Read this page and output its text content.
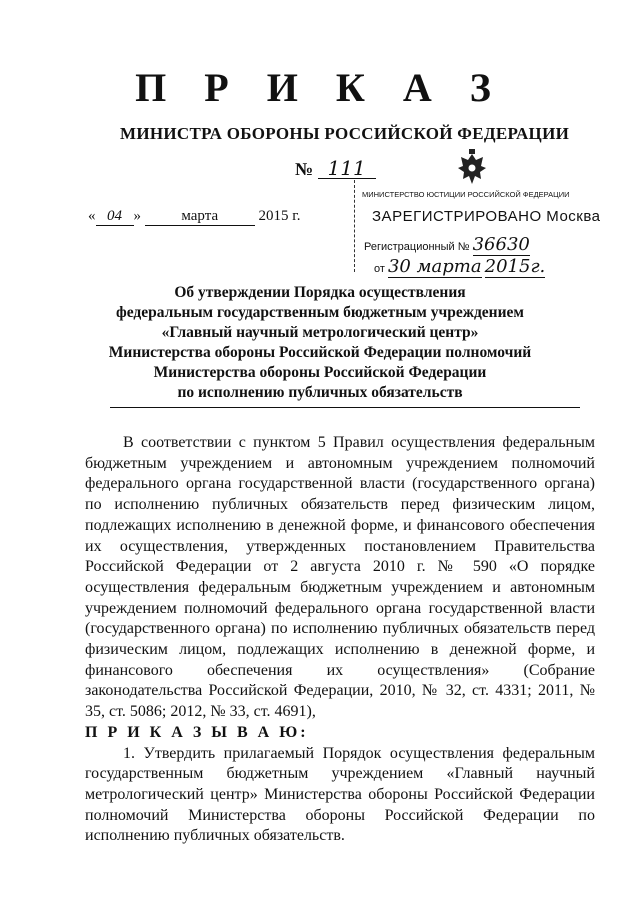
П Р И К А З
МИНИСТРА ОБОРОНЫ РОССИЙСКОЙ ФЕДЕРАЦИИ
№ 111
« 04 »	марта	2015 г.
МИНИСТЕРСТВО ЮСТИЦИИ РОССИЙСКОЙ ФЕДЕРАЦИИ
ЗАРЕГИСТРИРОВАНО Москва
Регистрационный № 36630
от 30 марта 2015г.
Об утверждении Порядка осуществления
федеральным государственным бюджетным учреждением
«Главный научный метрологический центр»
Министерства обороны Российской Федерации полномочий
Министерства обороны Российской Федерации
по исполнению публичных обязательств

В соответствии с пунктом 5 Правил осуществления федеральным бюджетным учреждением и автономным учреждением полномочий федерального органа государственной власти (государственного органа) по исполнению публичных обязательств перед физическим лицом, подлежащих исполнению в денежной форме, и финансового обеспечения их осуществления, утвержденных постановлением Правительства Российской Федерации от 2 августа 2010 г. № 590 «О порядке осуществления федеральным бюджетным учреждением и автономным учреждением полномочий федерального органа государственной власти (государственного органа) по исполнению публичных обязательств перед физическим лицом, подлежащих исполнению в денежной форме, и финансового обеспечения их осуществления» (Собрание законодательства Российской Федерации, 2010, № 32, ст. 4331; 2011, № 35, ст. 5086; 2012, № 33, ст. 4691),

П Р И К А З Ы В А Ю:

1. Утвердить прилагаемый Порядок осуществления федеральным государственным бюджетным учреждением «Главный научный метрологический центр» Министерства обороны Российской Федерации полномочий Министерства обороны Российской Федерации по исполнению публичных обязательств.
